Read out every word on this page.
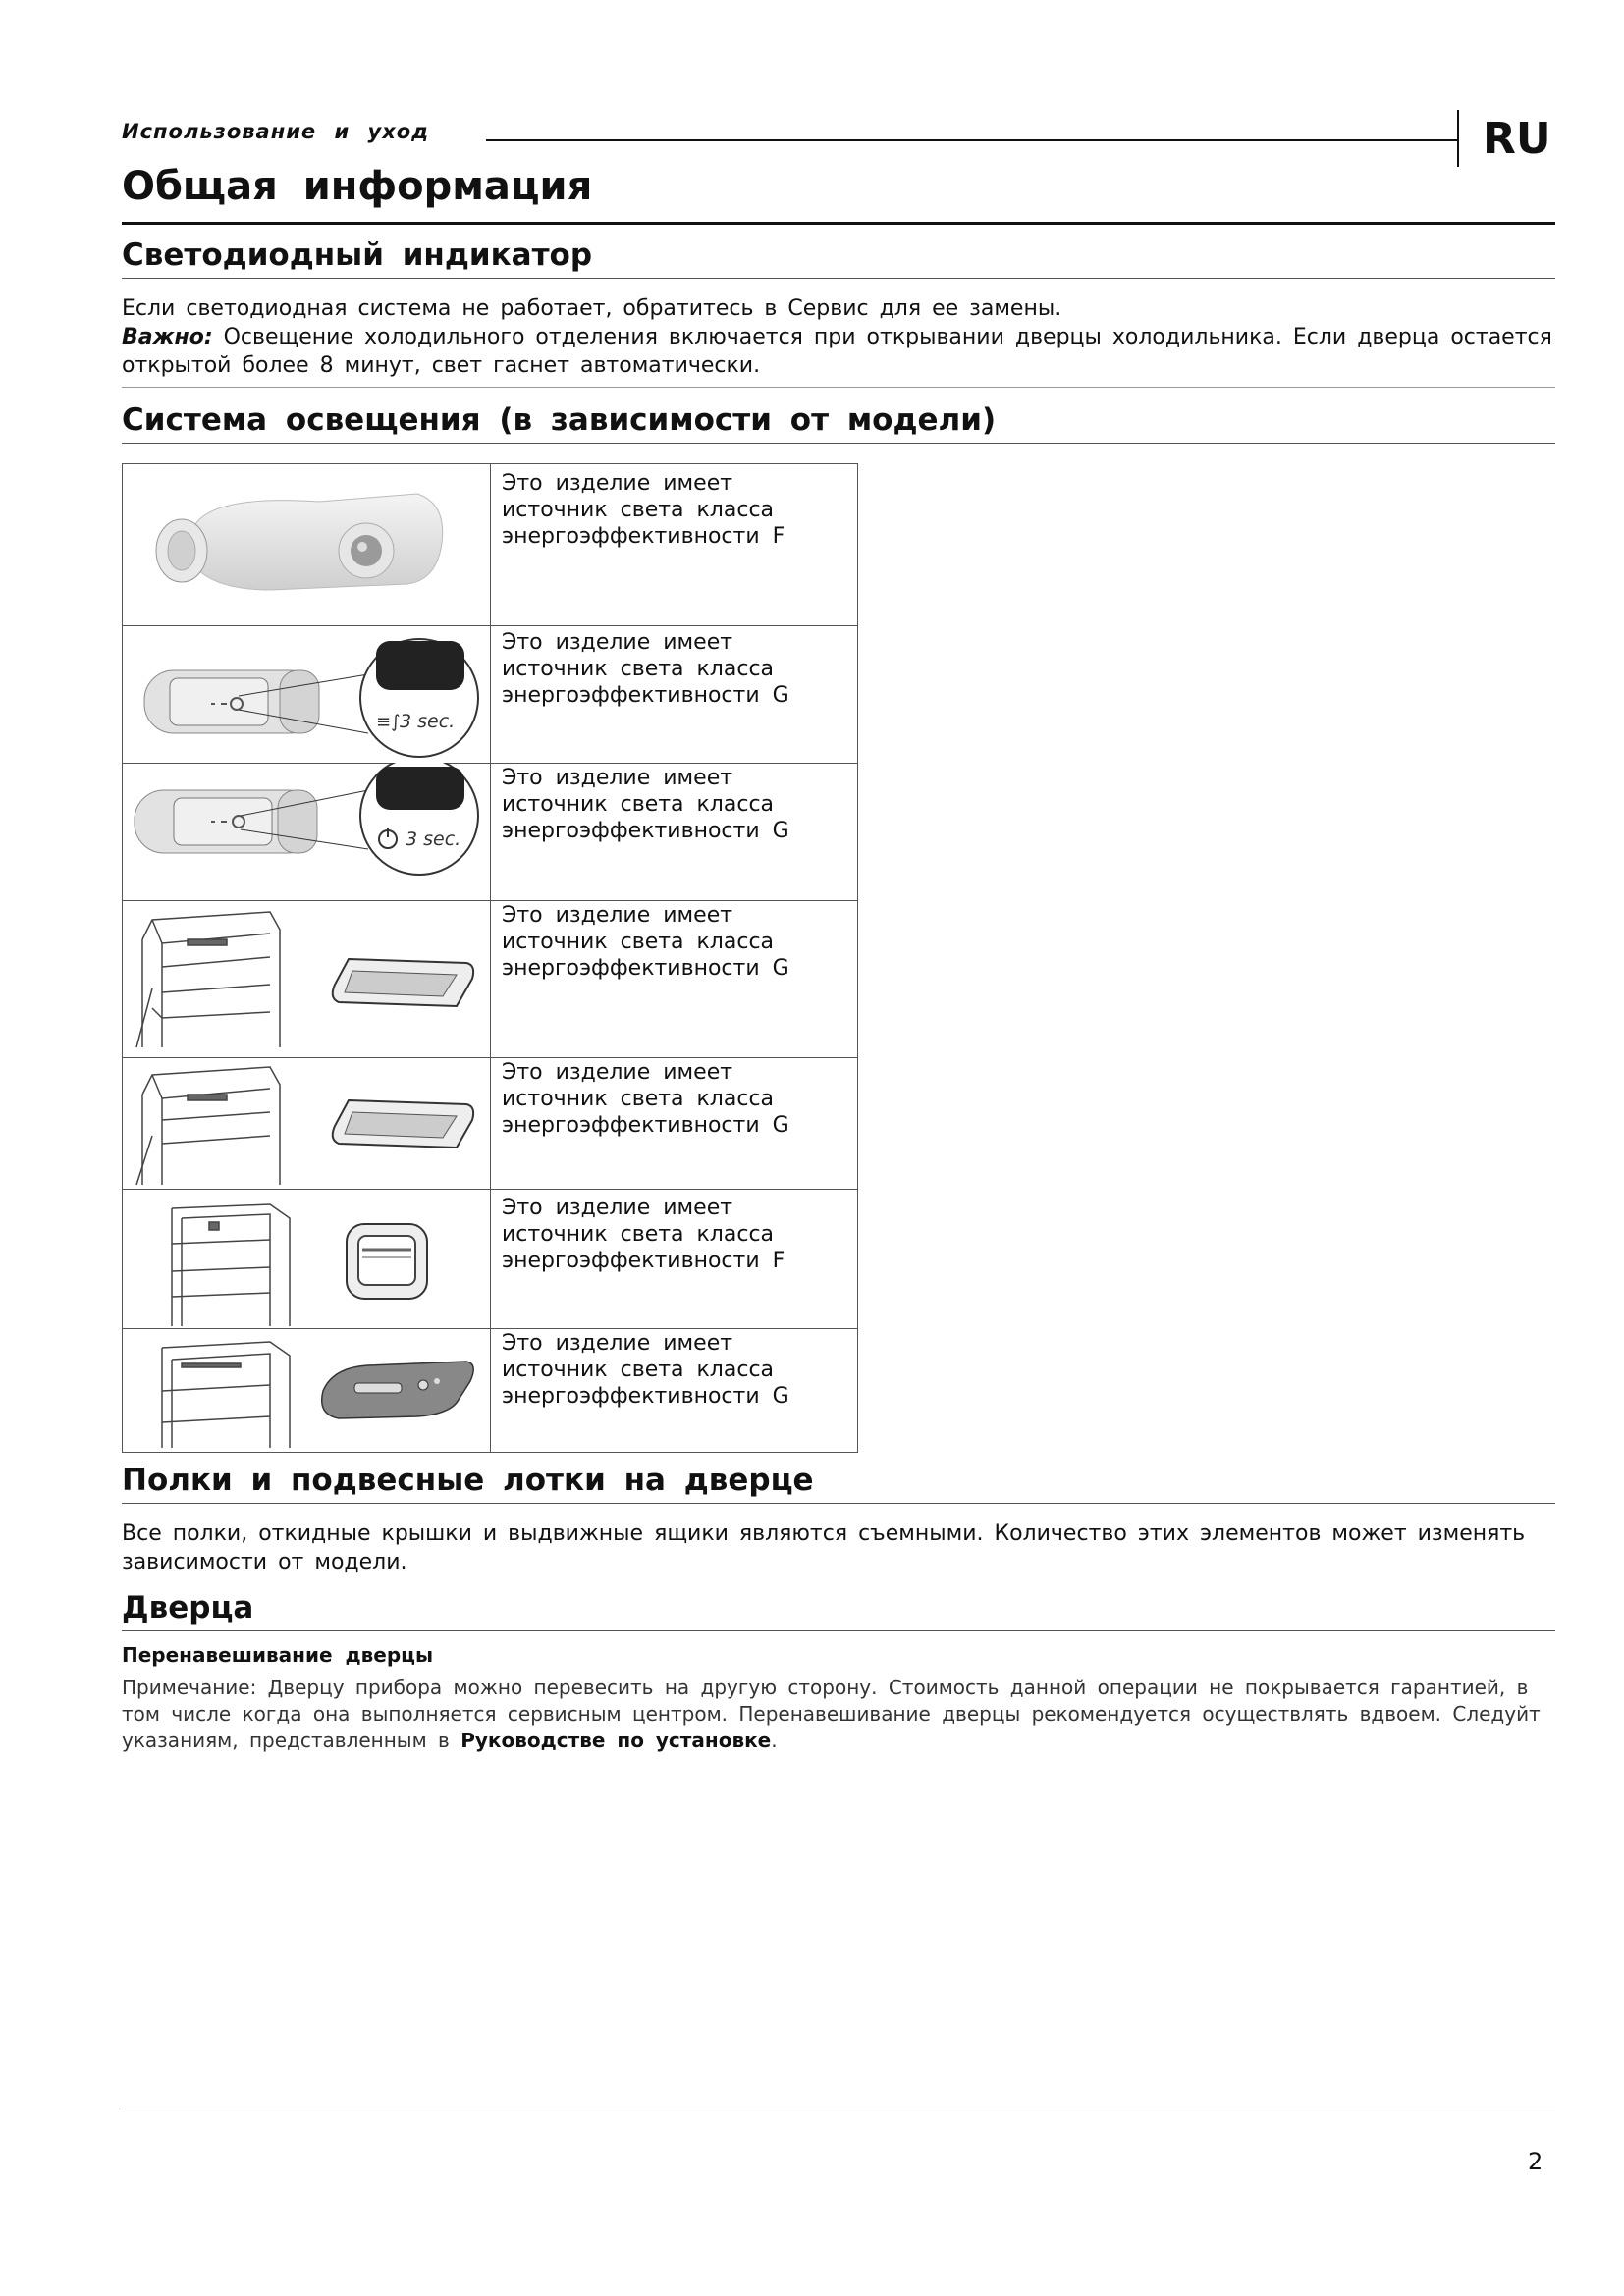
Использование и уход	RU
Общая информация
Светодиодный индикатор
Если светодиодная система не работает, обратитесь в Сервис для ее замены.
Важно: Освещение холодильного отделения включается при открывании дверцы холодильника. Если дверца остается
открытой более 8 минут, свет гаснет автоматически.
Система освещения (в зависимости от модели)
Это изделие имеет
источник света класса
энергоэффективности F
≡∫ 3 sec.
Это изделие имеет
источник света класса
энергоэффективности G
3 sec.
Это изделие имеет
источник света класса
энергоэффективности G
Это изделие имеет
источник света класса
энергоэффективности G
Это изделие имеет
источник света класса
энергоэффективности G
Это изделие имеет
источник света класса
энергоэффективности F
Это изделие имеет
источник света класса
энергоэффективности G
Полки и подвесные лотки на дверце
Все полки, откидные крышки и выдвижные ящики являются съемными. Количество этих элементов может изменять
зависимости от модели.
Дверца
Перенавешивание дверцы
Примечание: Дверцу прибора можно перевесить на другую сторону. Стоимость данной операции не покрывается гарантией, в
том числе когда она выполняется сервисным центром. Перенавешивание дверцы рекомендуется осуществлять вдвоем. Следуйт
указаниям, представленным в Руководстве по установке.
2
